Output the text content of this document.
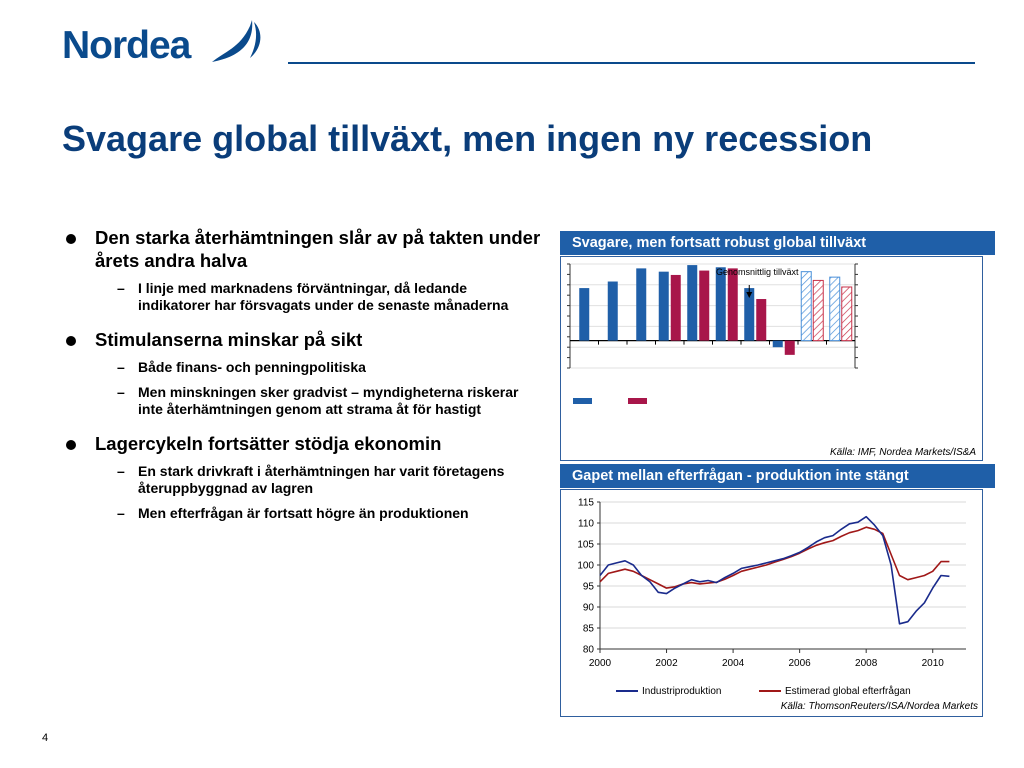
Nordea
Svagare global tillväxt, men ingen ny recession
Den starka återhämtningen slår av på takten under årets andra halva
– I linje med marknadens förväntningar, då ledande indikatorer har försvagats under de senaste månaderna
Stimulanserna minskar på sikt
– Både finans- och penningpolitiska
– Men minskningen sker gradvist – myndigheterna riskerar inte återhämtningen genom att strama åt för hastigt
Lagercykeln fortsätter stödja ekonomin
– En stark drivkraft i återhämtningen har varit företagens återuppbyggnad av lagren
– Men efterfrågan är fortsatt högre än produktionen
Svagare, men fortsatt robust global tillväxt
Genomsnittlig tillväxt
Källa: IMF, Nordea Markets/IS&A
Gapet mellan efterfrågan - produktion inte stängt
80
85
90
95
100
105
110
115
2000	2002	2004	2006	2008	2010
Industriproduktion	Estimerad global efterfrågan
Källa: ThomsonReuters/ISA/Nordea Markets
4
